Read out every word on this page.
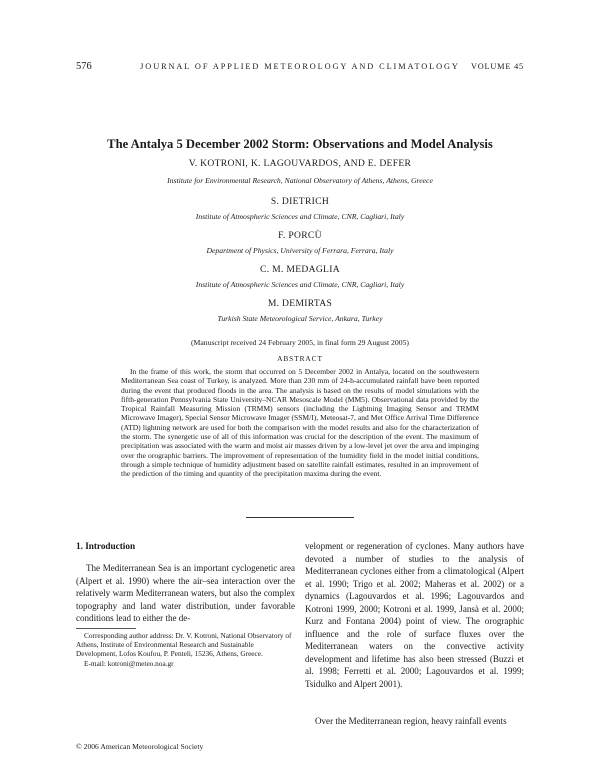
576	JOURNAL OF APPLIED METEOROLOGY AND CLIMATOLOGY	VOLUME 45
The Antalya 5 December 2002 Storm: Observations and Model Analysis
V. KOTRONI, K. LAGOUVARDOS, AND E. DEFER
Institute for Environmental Research, National Observatory of Athens, Athens, Greece
S. DIETRICH
Institute of Atmospheric Sciences and Climate, CNR, Cagliari, Italy
F. PORCÙ
Department of Physics, University of Ferrara, Ferrara, Italy
C. M. MEDAGLIA
Institute of Atmospheric Sciences and Climate, CNR, Cagliari, Italy
M. DEMIRTAS
Turkish State Meteorological Service, Ankara, Turkey
(Manuscript received 24 February 2005, in final form 29 August 2005)
ABSTRACT
In the frame of this work, the storm that occurred on 5 December 2002 in Antalya, located on the southwestern Mediterranean Sea coast of Turkey, is analyzed. More than 230 mm of 24-h-accumulated rainfall have been reported during the event that produced floods in the area. The analysis is based on the results of model simulations with the fifth-generation Pennsylvania State University–NCAR Mesoscale Model (MM5). Observational data provided by the Tropical Rainfall Measuring Mission (TRMM) sensors (including the Lightning Imaging Sensor and TRMM Microwave Imager), Special Sensor Microwave Imager (SSM/I), Meteosat-7, and Met Office Arrival Time Difference (ATD) lightning network are used for both the comparison with the model results and also for the characterization of the storm. The synergetic use of all of this information was crucial for the description of the event. The maximum of precipitation was associated with the warm and moist air masses driven by a low-level jet over the area and impinging over the orographic barriers. The improvement of representation of the humidity field in the model initial conditions, through a simple technique of humidity adjustment based on satellite rainfall estimates, resulted in an improvement of the prediction of the timing and quantity of the precipitation maxima during the event.
1. Introduction

The Mediterranean Sea is an important cyclogenetic area (Alpert et al. 1990) where the air–sea interaction over the relatively warm Mediterranean waters, but also the complex topography and land water distribution, under favorable conditions lead to either the de-

Corresponding author address: Dr. V. Kotroni, National Observatory of Athens, Institute of Environmental Research and Sustainable Development, Lofos Koufou, P. Penteli, 15236, Athens, Greece.

E-mail: kotroni@meteo.noa.gr

velopment or regeneration of cyclones. Many authors have devoted a number of studies to the analysis of Mediterranean cyclones either from a climatological (Alpert et al. 1990; Trigo et al. 2002; Maheras et al. 2002) or a dynamics (Lagouvardos et al. 1996; Lagouvardos and Kotroni 1999, 2000; Kotroni et al. 1999, Jansà et al. 2000; Kurz and Fontana 2004) point of view. The orographic influence and the role of surface fluxes over the Mediterranean waters on the convective activity development and lifetime has also been stressed (Buzzi et al. 1998; Ferretti et al. 2000; Lagouvardos et al. 1999; Tsidulko and Alpert 2001).

Over the Mediterranean region, heavy rainfall events

© 2006 American Meteorological Society
